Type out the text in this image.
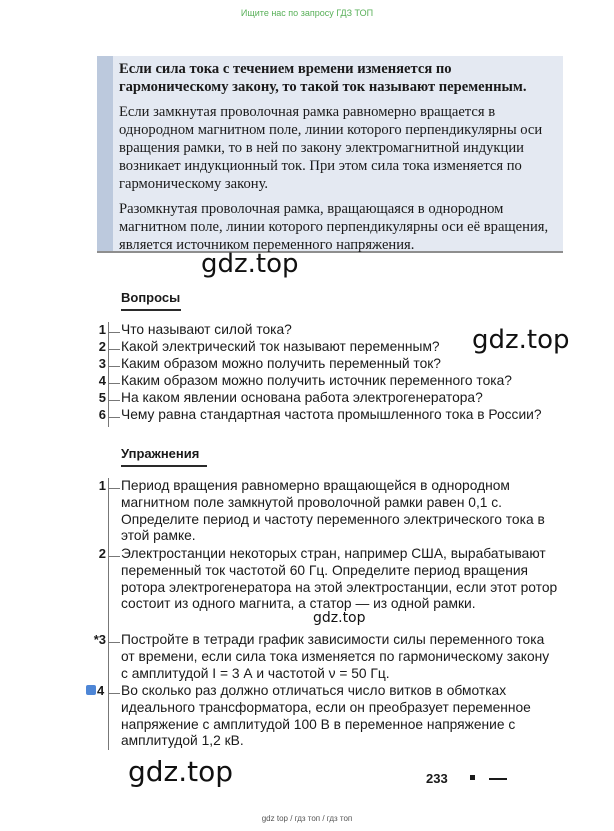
Ищите нас по запросу ГДЗ ТОП

Если сила тока с течением времени изменяется по гармоническому закону, то такой ток называют переменным.

Если замкнутая проволочная рамка равномерно вращается в однородном магнитном поле, линии которого перпендикулярны оси вращения рамки, то в ней по закону электромагнитной индукции возникает индукционный ток. При этом сила тока изменяется по гармоническому закону.

Разомкнутая проволочная рамка, вращающаяся в однородном магнитном поле, линии которого перпендикулярны оси её вращения, является источником переменного напряжения.

gdz.top
gdz.top
gdz.top
gdz.top
Вопросы
1 Что называют силой тока?
2 Какой электрический ток называют переменным?
3 Каким образом можно получить переменный ток?
4 Каким образом можно получить источник переменного тока?
5 На каком явлении основана работа электрогенератора?
6 Чему равна стандартная частота промышленного тока в России?
Упражнения
1 Период вращения равномерно вращающейся в однородном магнитном поле замкнутой проволочной рамки равен 0,1 с. Определите период и частоту переменного электрического тока в этой рамке.
2 Электростанции некоторых стран, например США, вырабатывают переменный ток частотой 60 Гц. Определите период вращения ротора электрогенератора на этой электростанции, если этот ротор состоит из одного магнита, а статор — из одной рамки.
*3 Постройте в тетради график зависимости силы переменного тока от времени, если сила тока изменяется по гармоническому закону с амплитудой I = 3 А и частотой ν = 50 Гц.
4 Во сколько раз должно отличаться число витков в обмотках идеального трансформатора, если он преобразует переменное напряжение с амплитудой 100 В в переменное напряжение с амплитудой 1,2 кВ.
233
gdz top / гдз топ / гдз топ
